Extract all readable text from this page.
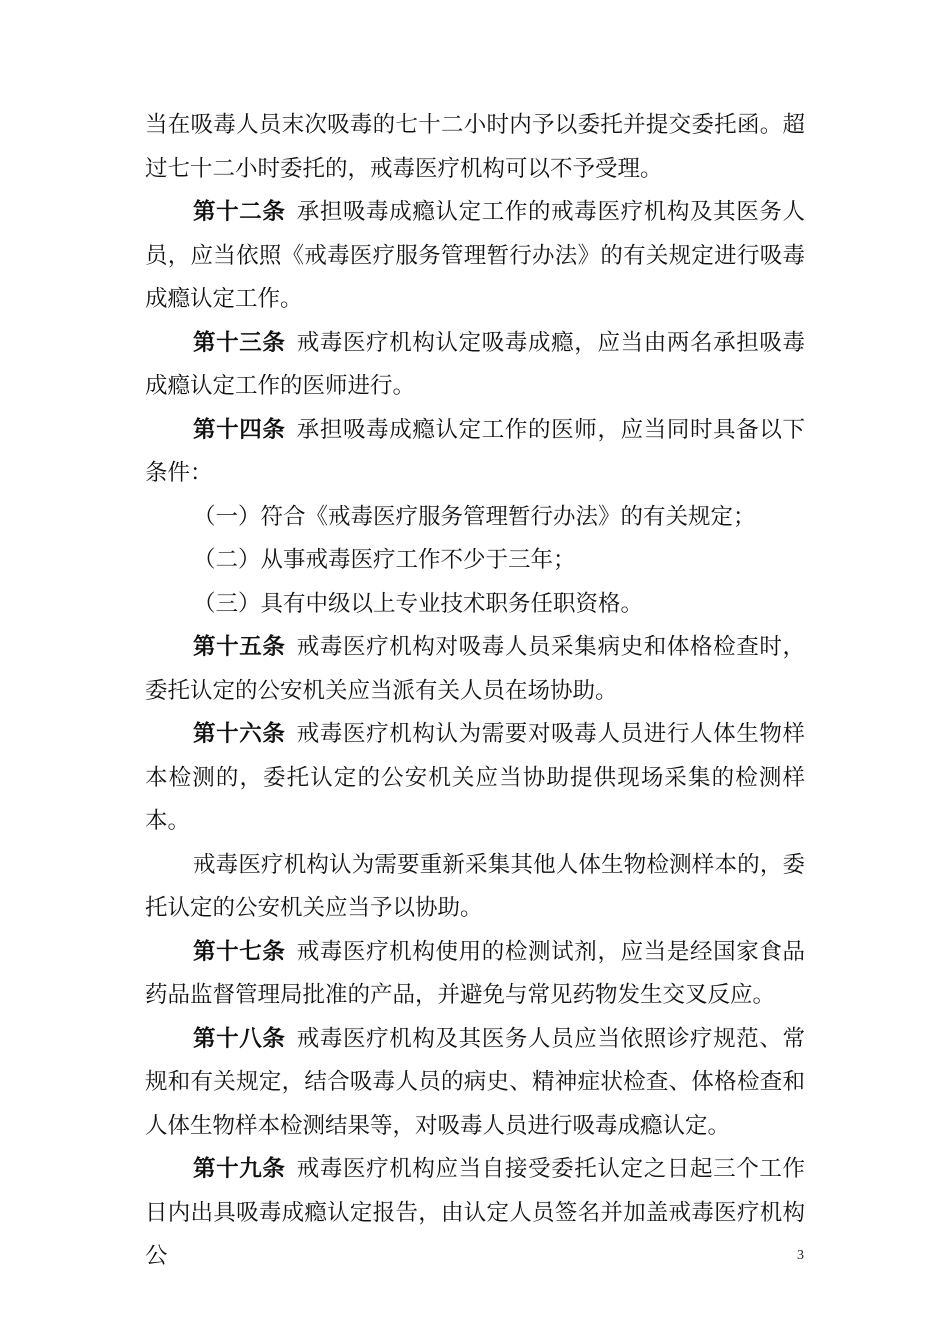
当在吸毒人员末次吸毒的七十二小时内予以委托并提交委托函。超过七十二小时委托的，戒毒医疗机构可以不予受理。

第十二条 承担吸毒成瘾认定工作的戒毒医疗机构及其医务人员，应当依照《戒毒医疗服务管理暂行办法》的有关规定进行吸毒成瘾认定工作。

第十三条 戒毒医疗机构认定吸毒成瘾，应当由两名承担吸毒成瘾认定工作的医师进行。

第十四条 承担吸毒成瘾认定工作的医师，应当同时具备以下条件：

（一）符合《戒毒医疗服务管理暂行办法》的有关规定；

（二）从事戒毒医疗工作不少于三年；

（三）具有中级以上专业技术职务任职资格。

第十五条 戒毒医疗机构对吸毒人员采集病史和体格检查时，委托认定的公安机关应当派有关人员在场协助。

第十六条 戒毒医疗机构认为需要对吸毒人员进行人体生物样本检测的，委托认定的公安机关应当协助提供现场采集的检测样本。

戒毒医疗机构认为需要重新采集其他人体生物检测样本的，委托认定的公安机关应当予以协助。

第十七条 戒毒医疗机构使用的检测试剂，应当是经国家食品药品监督管理局批准的产品，并避免与常见药物发生交叉反应。

第十八条 戒毒医疗机构及其医务人员应当依照诊疗规范、常规和有关规定，结合吸毒人员的病史、精神症状检查、体格检查和人体生物样本检测结果等，对吸毒人员进行吸毒成瘾认定。

第十九条 戒毒医疗机构应当自接受委托认定之日起三个工作日内出具吸毒成瘾认定报告，由认定人员签名并加盖戒毒医疗机构公	3
